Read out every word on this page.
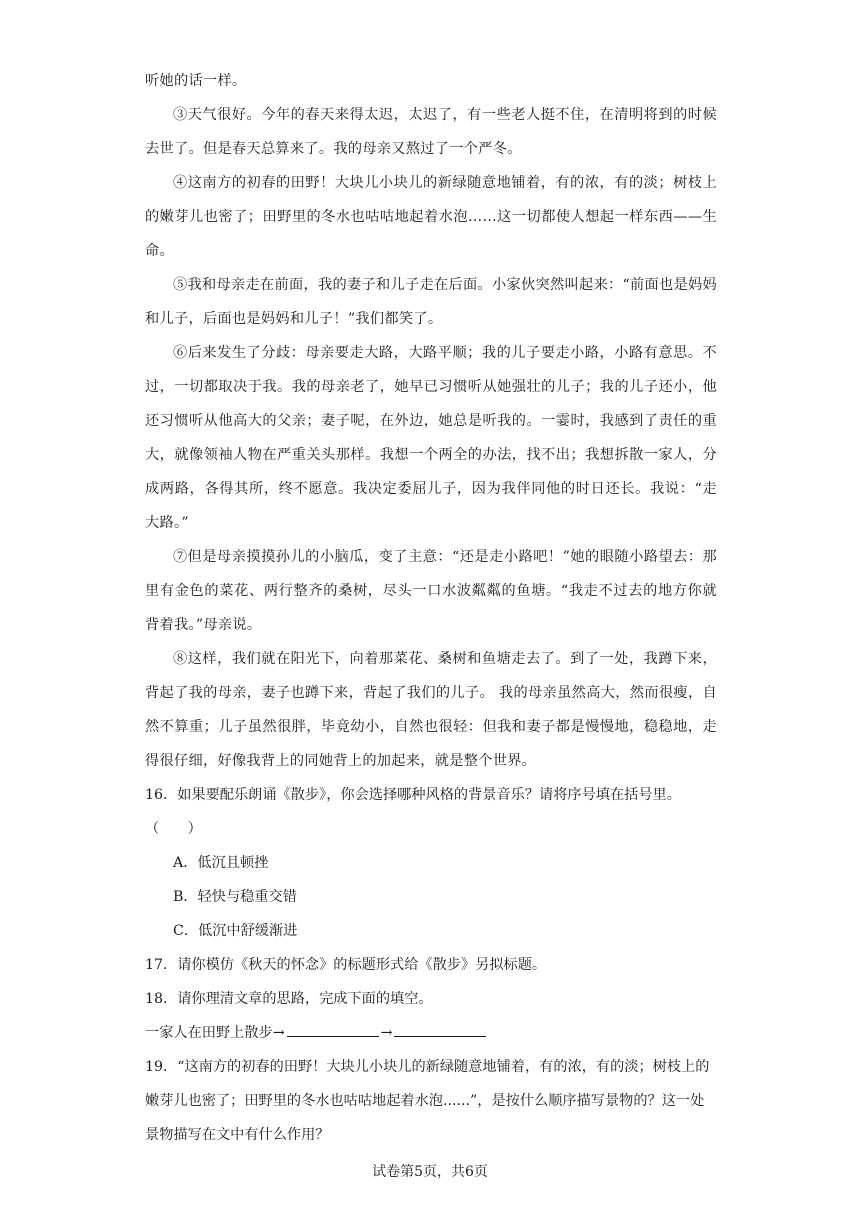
听她的话一样。

③天气很好。今年的春天来得太迟，太迟了，有一些老人挺不住，在清明将到的时候去世了。但是春天总算来了。我的母亲又熬过了一个严冬。

④这南方的初春的田野！大块儿小块儿的新绿随意地铺着，有的浓，有的淡；树枝上的嫩芽儿也密了；田野里的冬水也咕咕地起着水泡……这一切都使人想起一样东西——生命。

⑤我和母亲走在前面，我的妻子和儿子走在后面。小家伙突然叫起来：“前面也是妈妈和儿子，后面也是妈妈和儿子！”我们都笑了。

⑥后来发生了分歧：母亲要走大路，大路平顺；我的儿子要走小路，小路有意思。不过，一切都取决于我。我的母亲老了，她早已习惯听从她强壮的儿子；我的儿子还小，他还习惯听从他高大的父亲；妻子呢，在外边，她总是听我的。一霎时，我感到了责任的重大，就像领袖人物在严重关头那样。我想一个两全的办法，找不出；我想拆散一家人，分成两路，各得其所，终不愿意。我决定委屈儿子，因为我伴同他的时日还长。我说：“走大路。”

⑦但是母亲摸摸孙儿的小脑瓜，变了主意：“还是走小路吧！”她的眼随小路望去：那里有金色的菜花、两行整齐的桑树，尽头一口水波粼粼的鱼塘。“我走不过去的地方你就背着我。”母亲说。

⑧这样，我们就在阳光下，向着那菜花、桑树和鱼塘走去了。到了一处，我蹲下来，背起了我的母亲，妻子也蹲下来，背起了我们的儿子。 我的母亲虽然高大，然而很瘦，自然不算重；儿子虽然很胖，毕竟幼小，自然也很轻：但我和妻子都是慢慢地，稳稳地，走得很仔细，好像我背上的同她背上的加起来，就是整个世界。

16．如果要配乐朗诵《散步》，你会选择哪种风格的背景音乐？请将序号填在括号里。

（　　）

A．低沉且顿挫

B．轻快与稳重交错

C．低沉中舒缓渐进

17．请你模仿《秋天的怀念》的标题形式给《散步》另拟标题。

18．请你理清文章的思路，完成下面的填空。

一家人在田野上散步→	→

19．“这南方的初春的田野！大块儿小块儿的新绿随意地铺着，有的浓，有的淡；树枝上的嫩芽儿也密了；田野里的冬水也咕咕地起着水泡......”，是按什么顺序描写景物的？这一处景物描写在文中有什么作用？

试卷第5页，共6页
